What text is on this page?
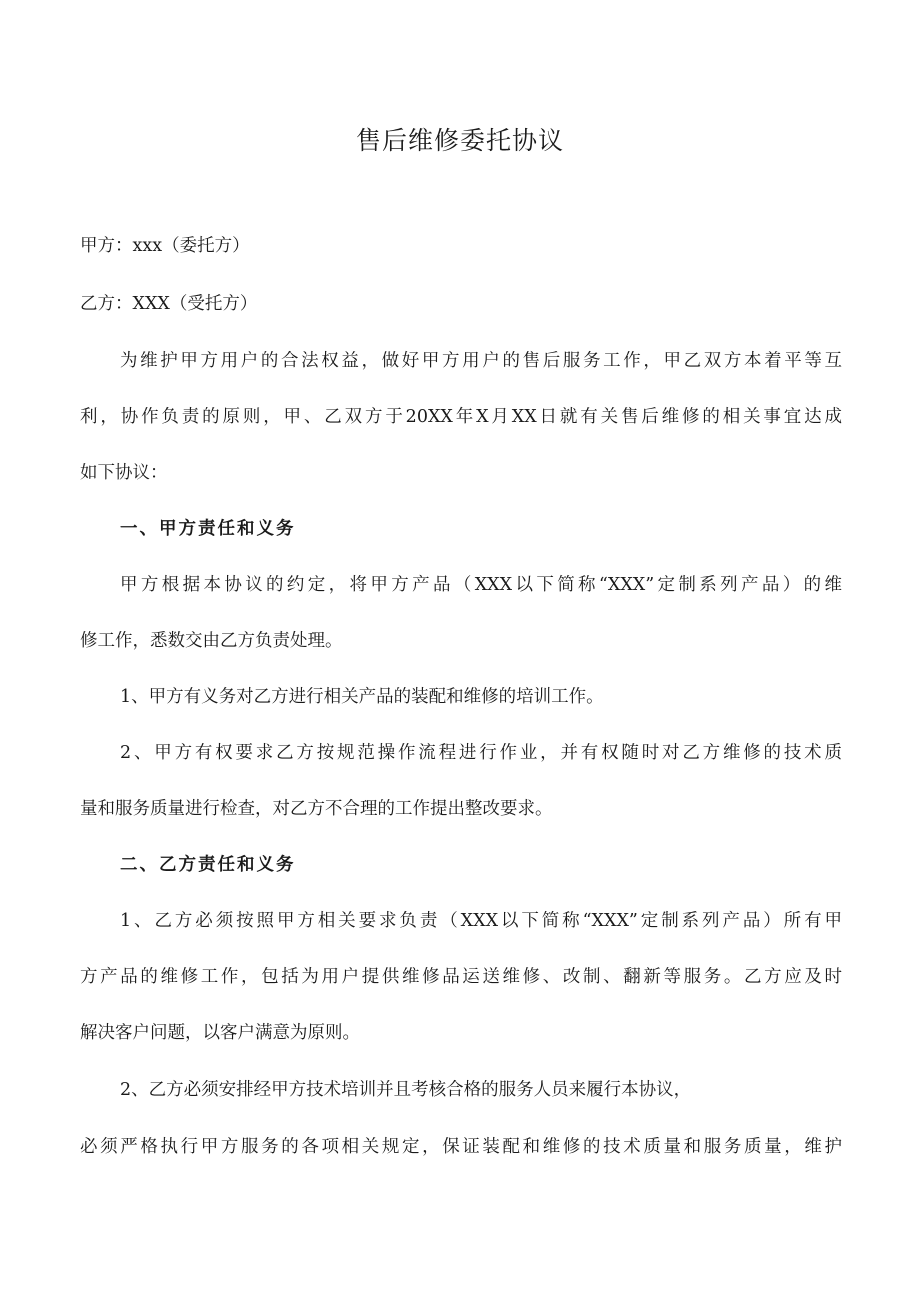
售后维修委托协议
甲方：xxx（委托方）
乙方：XXX（受托方）
为维护甲方用户的合法权益，做好甲方用户的售后服务工作，甲乙双方本着平等互
利，协作负责的原则，甲、乙双方于20XX年X月XX日就有关售后维修的相关事宜达成
如下协议：
一、甲方责任和义务
甲方根据本协议的约定，将甲方产品（XXX以下简称“XXX”定制系列产品）的维
修工作，悉数交由乙方负责处理。
1、甲方有义务对乙方进行相关产品的装配和维修的培训工作。
2、甲方有权要求乙方按规范操作流程进行作业，并有权随时对乙方维修的技术质
量和服务质量进行检查，对乙方不合理的工作提出整改要求。
二、乙方责任和义务
1、乙方必须按照甲方相关要求负责（XXX以下简称“XXX”定制系列产品）所有甲
方产品的维修工作，包括为用户提供维修品运送维修、改制、翻新等服务。乙方应及时
解决客户问题，以客户满意为原则。
2、乙方必须安排经甲方技术培训并且考核合格的服务人员来履行本协议，
必须严格执行甲方服务的各项相关规定，保证装配和维修的技术质量和服务质量，维护
